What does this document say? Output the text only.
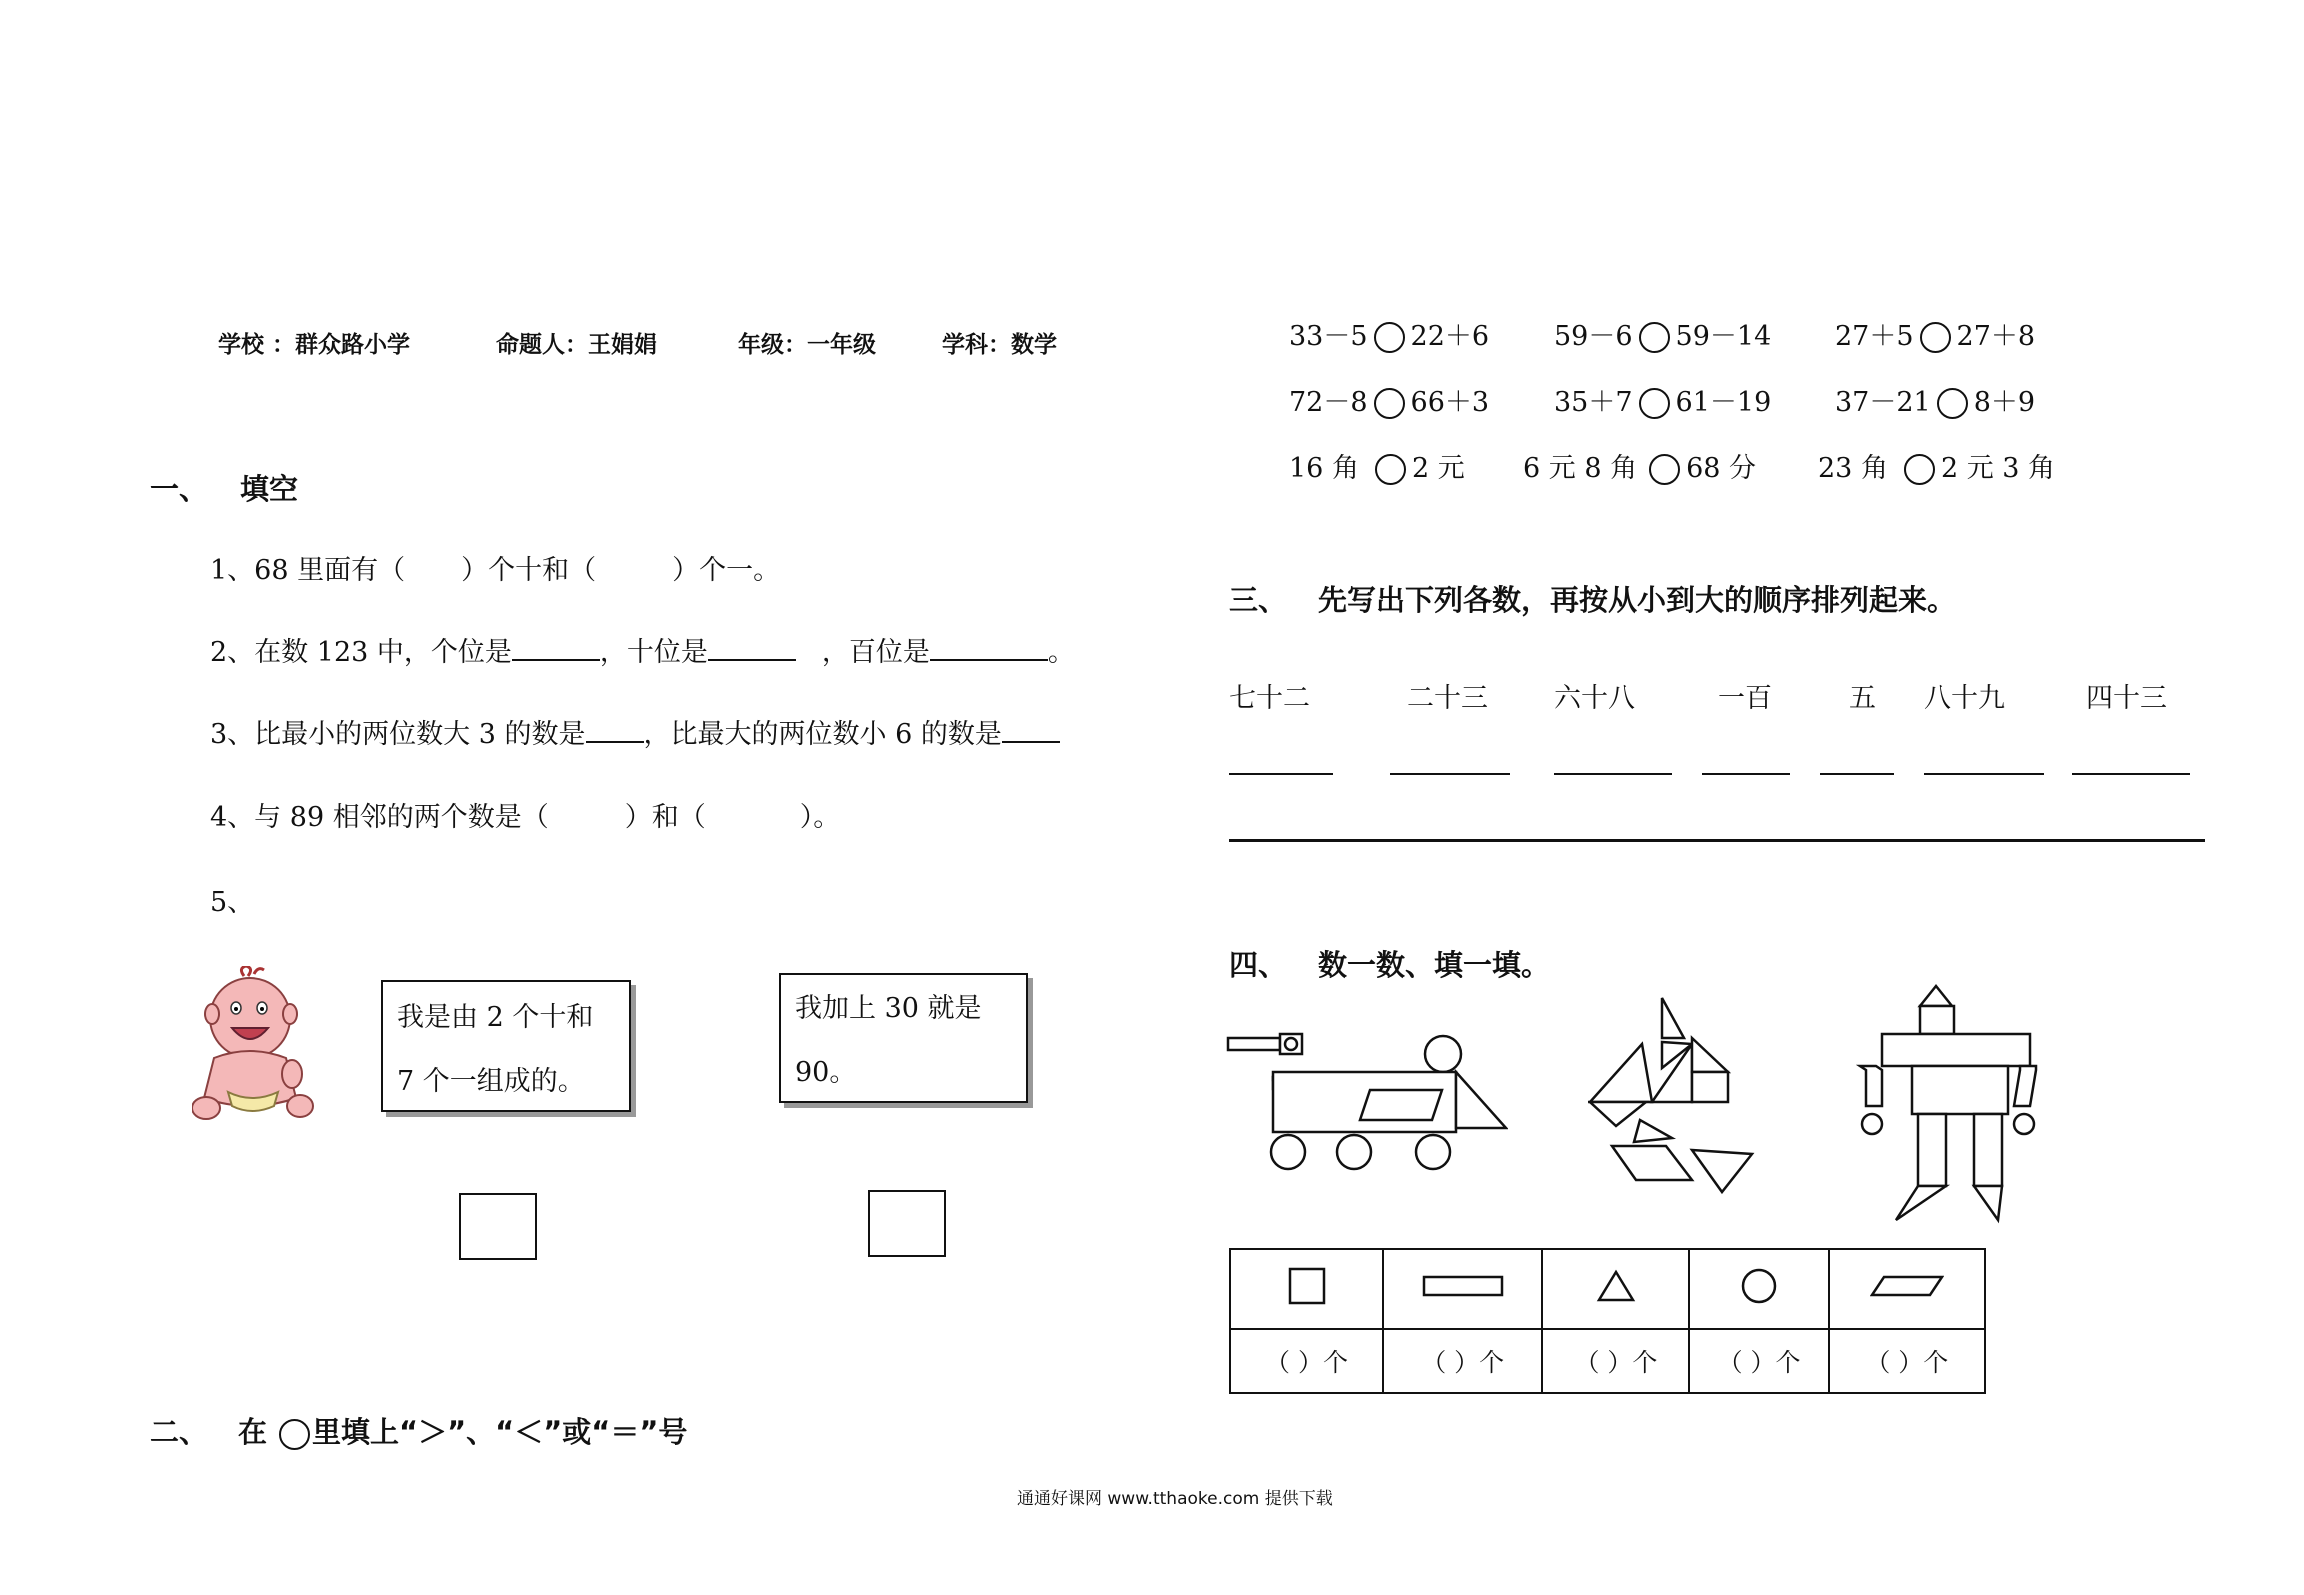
学校 ：群众路小学	命题人：王娟娟	年级：一年级	学科：数学
一、 填空
1、68 里面有（ ）个十和（	）个一。
2、在数 123 中，个位是	，十位是	，百位是	。
3、比最小的两位数大 3 的数是 ，比最大的两位数小 6 的数是
4、与 89 相邻的两个数是（	）和（	）。
5、
我是由 2 个十和
7 个一组成的。
我加上 30 就是
90。
二、 在 里填上“＞”、“＜”或“＝”号
33－5 22＋6 59－6 59－14 27＋5 27＋8
72－8 66＋3 35＋7 61－19 37－21 8＋9
16 角 2 元 6 元 8 角 68 分 23 角 2 元 3 角
三、 先写出下列各数，再按从小到大的顺序排列起来。
七十二	二十三 六十八	一百	五 八十九	四十三
四、 数一数、填一填。

（ ）个	（ ）个	（ ）个	（ ）个	（ ）个
通通好课网 www.tthaoke.com 提供下载
